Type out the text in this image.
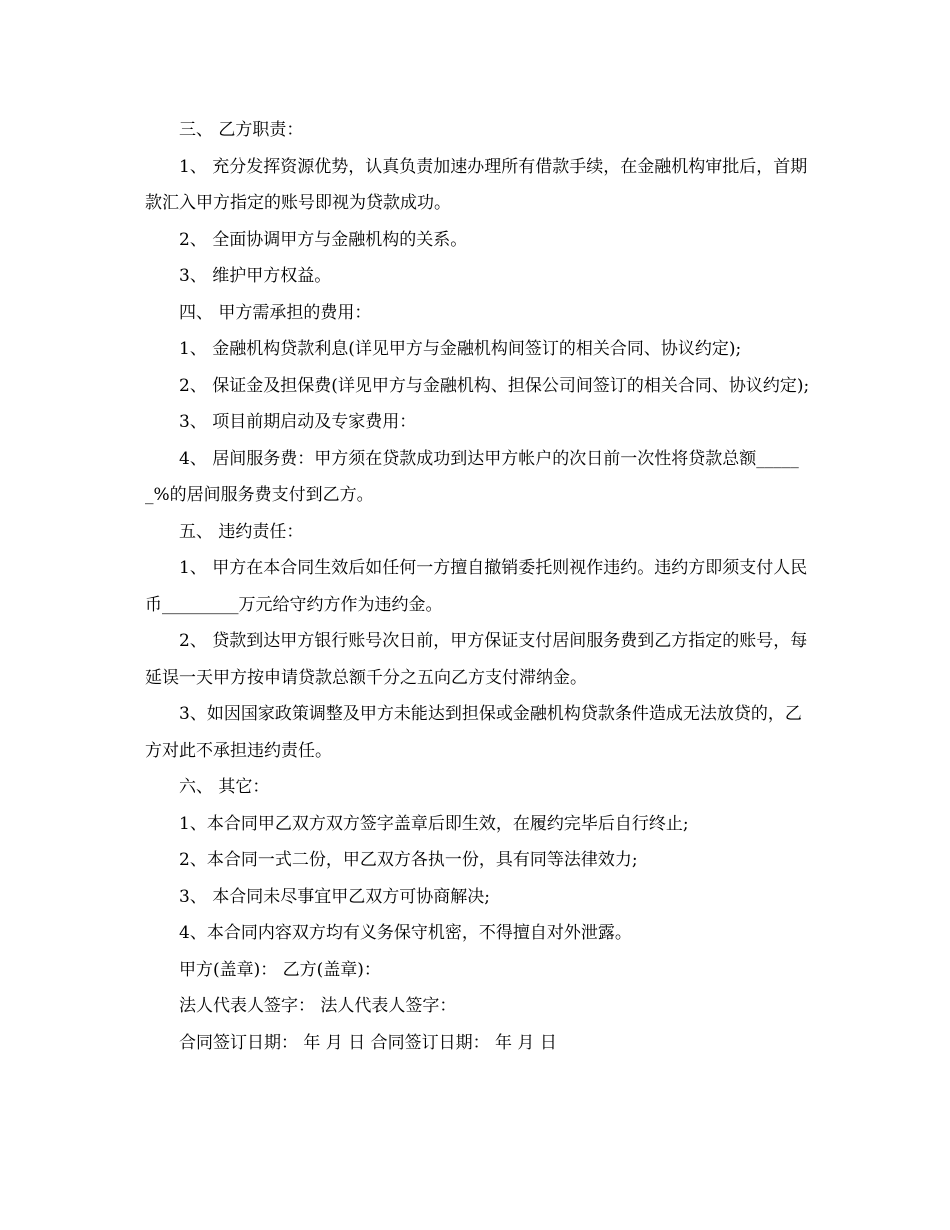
三、 乙方职责：

1、 充分发挥资源优势，认真负责加速办理所有借款手续，在金融机构审批后，首期款汇入甲方指定的账号即视为贷款成功。

2、 全面协调甲方与金融机构的关系。

3、 维护甲方权益。

四、 甲方需承担的费用：

1、 金融机构贷款利息(详见甲方与金融机构间签订的相关合同、协议约定);

2、 保证金及担保费(详见甲方与金融机构、担保公司间签订的相关合同、协议约定);

3、 项目前期启动及专家费用：

4、 居间服务费：甲方须在贷款成功到达甲方帐户的次日前一次性将贷款总额______%的居间服务费支付到乙方。

五、 违约责任：

1、 甲方在本合同生效后如任何一方擅自撤销委托则视作违约。违约方即须支付人民币_________万元给守约方作为违约金。

2、 贷款到达甲方银行账号次日前，甲方保证支付居间服务费到乙方指定的账号，每延误一天甲方按申请贷款总额千分之五向乙方支付滞纳金。

3、如因国家政策调整及甲方未能达到担保或金融机构贷款条件造成无法放贷的，乙方对此不承担违约责任。

六、 其它：

1、本合同甲乙双方双方签字盖章后即生效，在履约完毕后自行终止;

2、本合同一式二份，甲乙双方各执一份，具有同等法律效力;

3、 本合同未尽事宜甲乙双方可协商解决;

4、本合同内容双方均有义务保守机密，不得擅自对外泄露。

甲方(盖章)： 乙方(盖章)：

法人代表人签字： 法人代表人签字：

合同签订日期： 年 月 日 合同签订日期： 年 月 日
